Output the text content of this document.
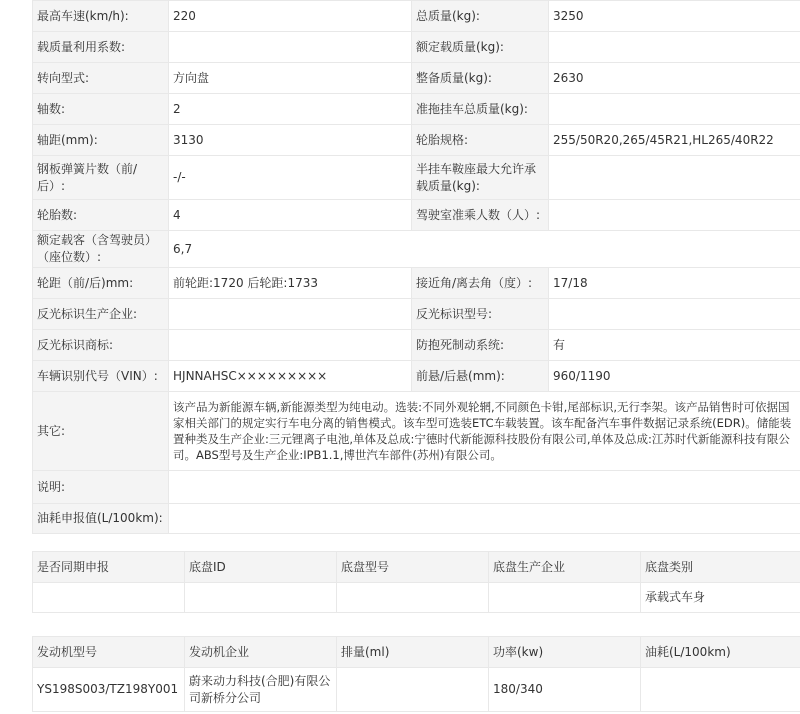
最高车速(km/h):	220	总质量(kg):	3250
载质量利用系数:		额定载质量(kg):	
转向型式:	方向盘	整备质量(kg):	2630
轴数:	2	准拖挂车总质量(kg):	
轴距(mm):	3130	轮胎规格:	255/50R20,265/45R21,HL265/40R22
钢板弹簧片数（前/后）:	-/-	半挂车鞍座最大允许承载质量(kg):	
轮胎数:	4	驾驶室准乘人数（人）:	
额定载客（含驾驶员）（座位数）:	6,7		
轮距（前/后)mm:	前轮距:1720 后轮距:1733	接近角/离去角（度）:	17/18
反光标识生产企业:		反光标识型号:	
反光标识商标:		防抱死制动系统:	有
车辆识别代号（VIN）:	HJNNAHSC×××××××××	前悬/后悬(mm):	960/1190
其它:	该产品为新能源车辆,新能源类型为纯电动。选装:不同外观轮辋,不同颜色卡钳,尾部标识,无行李架。该产品销售时可依据国家相关部门的规定实行车电分离的销售模式。该车型可选装ETC车载装置。该车配备汽车事件数据记录系统(EDR)。储能装置种类及生产企业:三元锂离子电池,单体及总成:宁德时代新能源科技股份有限公司,单体及总成:江苏时代新能源科技有限公司。ABS型号及生产企业:IPB1.1,博世汽车部件(苏州)有限公司。		
说明:			
油耗申报值(L/100km):			
是否同期申报	底盘ID	底盘型号	底盘生产企业	底盘类别
				承载式车身
发动机型号	发动机企业	排量(ml)	功率(kw)	油耗(L/100km)
YS198S003/TZ198Y001	蔚来动力科技(合肥)有限公司新桥分公司		180/340	
